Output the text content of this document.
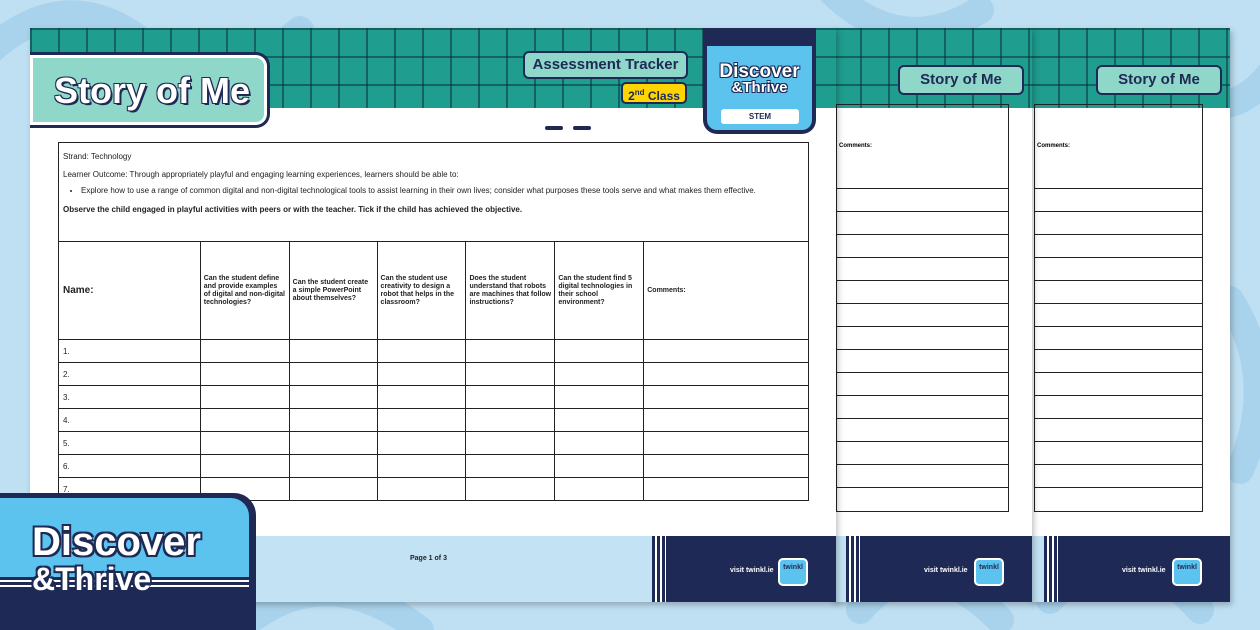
Story of Me
Comments:
visit twinkl.ie	twinkl
Story of Me
Comments:
visit twinkl.ie	twinkl
visit twinkl.ie	twinkl
Story of Me
Assessment Tracker
2nd Class
Discover
&Thrive
STEM

Strand: Technology

Learner Outcome: Through appropriately playful and engaging learning experiences, learners should be able to:

• Explore how to use a range of common digital and non-digital technological tools to assist learning in their own lives; consider what purposes these tools serve and what makes them effective.

Observe the child engaged in playful activities with peers or with the teacher. Tick if the child has achieved the objective.

Name:	Can the student define and provide examples of digital and non-digital technologies?	Can the student create a simple PowerPoint about themselves?	Can the student use creativity to design a robot that helps in the classroom?	Does the student understand that robots are machines that follow instructions?	Can the student find 5 digital technologies in their school environment?	Comments:
1.						
2.						
3.						
4.						
5.						
6.						
7.						
Page 1 of 3
Discover
&Thrive
